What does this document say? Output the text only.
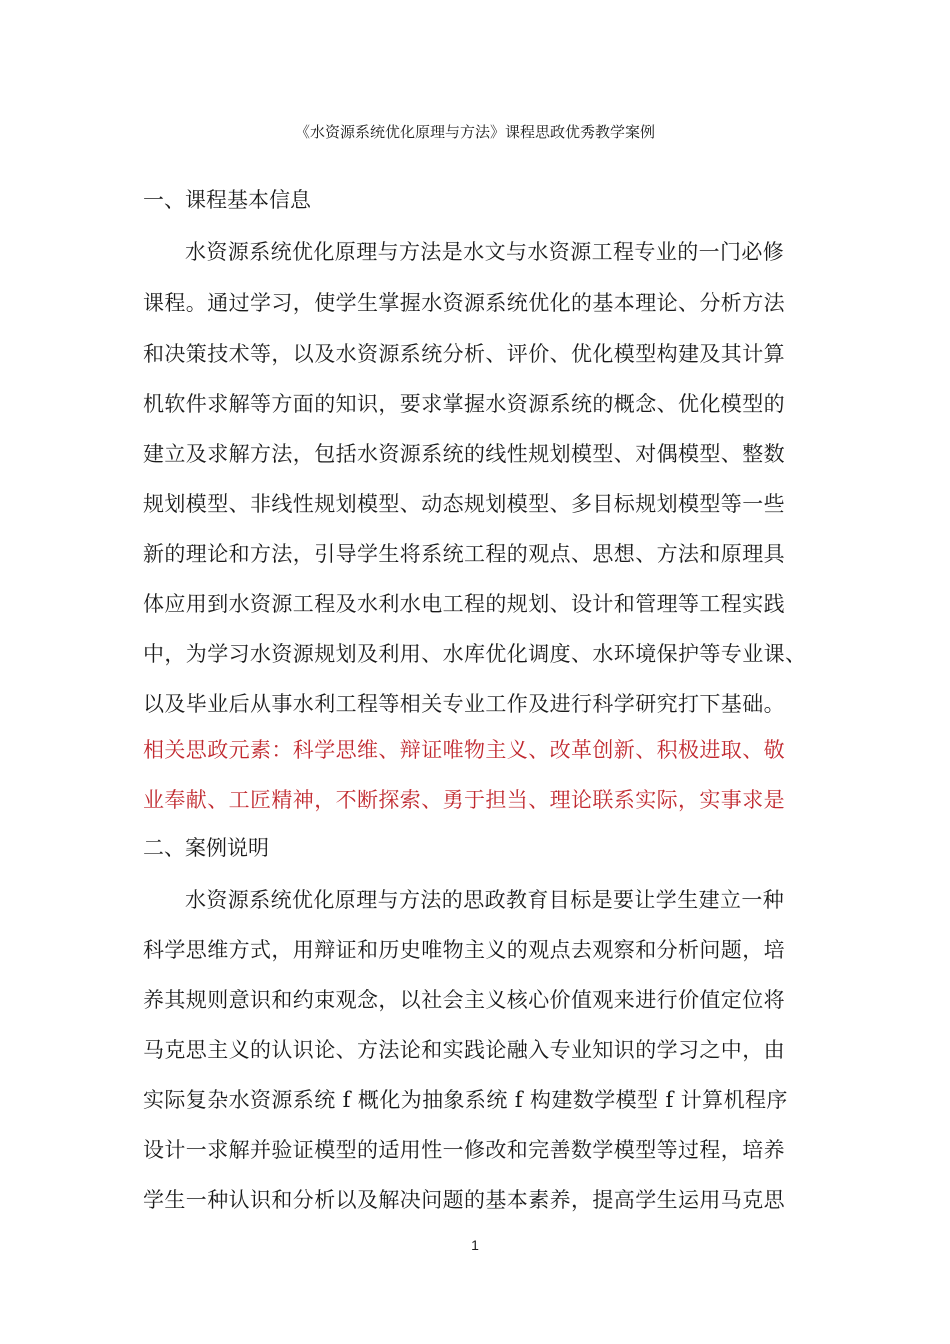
《水资源系统优化原理与方法》课程思政优秀教学案例
一、课程基本信息
水资源系统优化原理与方法是水文与水资源工程专业的一门必修
课程。通过学习，使学生掌握水资源系统优化的基本理论、分析方法
和决策技术等，以及水资源系统分析、评价、优化模型构建及其计算
机软件求解等方面的知识，要求掌握水资源系统的概念、优化模型的
建立及求解方法，包括水资源系统的线性规划模型、对偶模型、整数
规划模型、非线性规划模型、动态规划模型、多目标规划模型等一些
新的理论和方法，引导学生将系统工程的观点、思想、方法和原理具
体应用到水资源工程及水利水电工程的规划、设计和管理等工程实践
中，为学习水资源规划及利用、水库优化调度、水环境保护等专业课、
以及毕业后从事水利工程等相关专业工作及进行科学研究打下基础。
相关思政元素：科学思维、辩证唯物主义、改革创新、积极进取、敬
业奉献、工匠精神，不断探索、勇于担当、理论联系实际，实事求是
二、案例说明
水资源系统优化原理与方法的思政教育目标是要让学生建立一种
科学思维方式，用辩证和历史唯物主义的观点去观察和分析问题，培
养其规则意识和约束观念，以社会主义核心价值观来进行价值定位将
马克思主义的认识论、方法论和实践论融入专业知识的学习之中，由
实际复杂水资源系统 f 概化为抽象系统 f 构建数学模型 f 计算机程序
设计一求解并验证模型的适用性一修改和完善数学模型等过程，培养
学生一种认识和分析以及解决问题的基本素养，提高学生运用马克思
1
